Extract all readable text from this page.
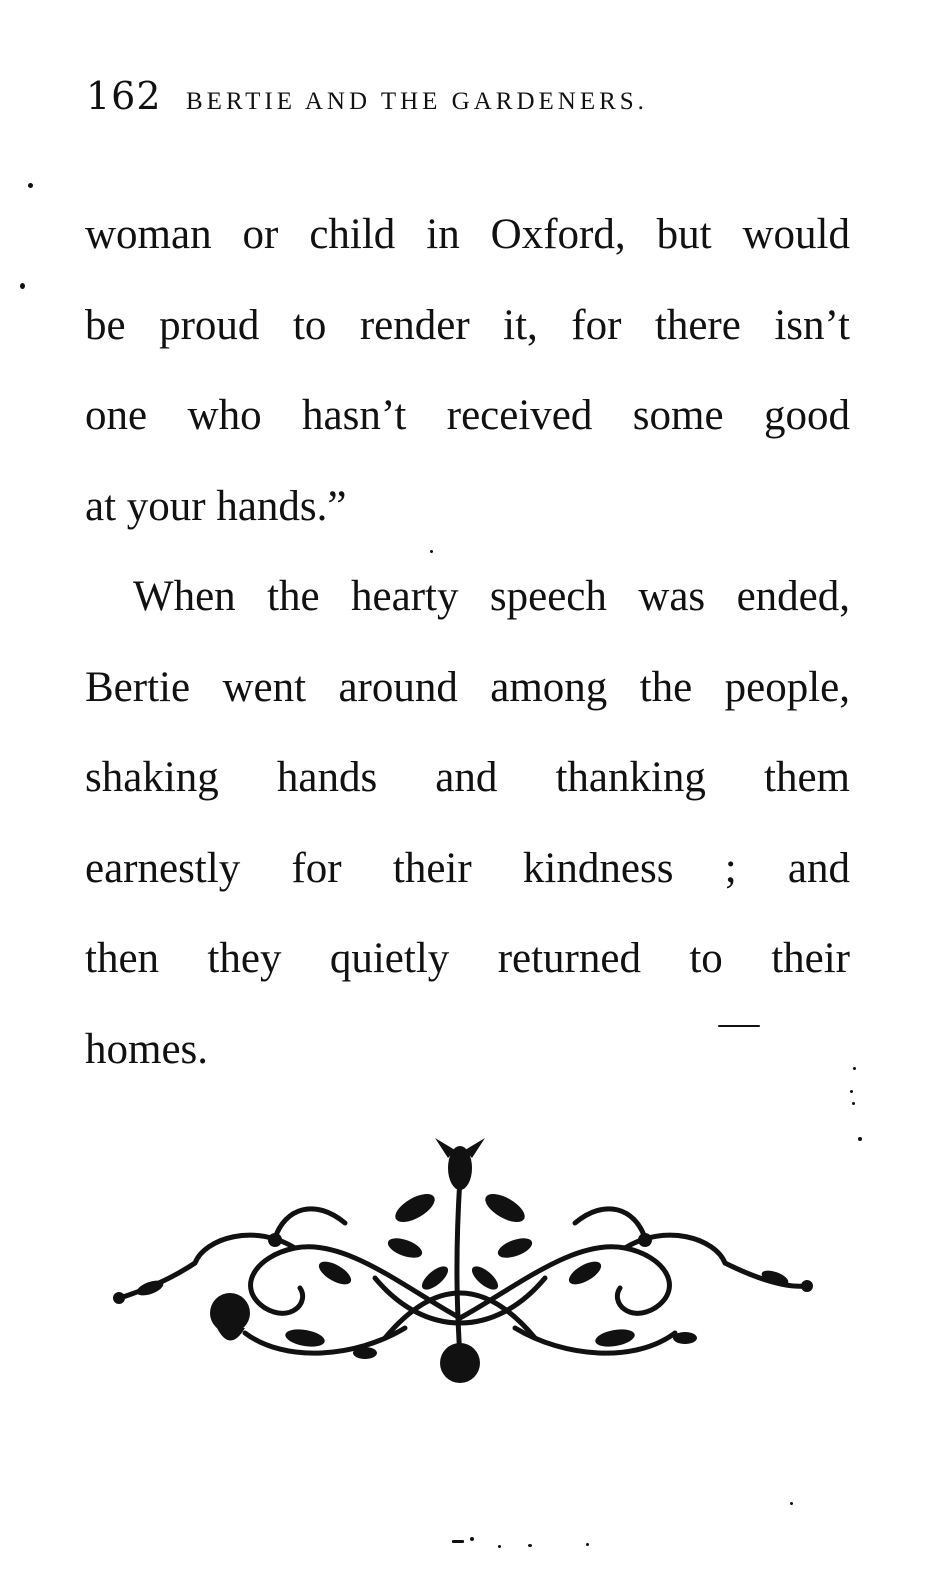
162 BERTIE AND THE GARDENERS.
woman or child in Oxford, but would
be proud to render it, for there isn’t
one who hasn’t received some good
at your hands.”
When the hearty speech was ended,
Bertie went around among the people,
shaking hands and thanking them
earnestly for their kindness ; and
then they quietly returned to their
homes.
